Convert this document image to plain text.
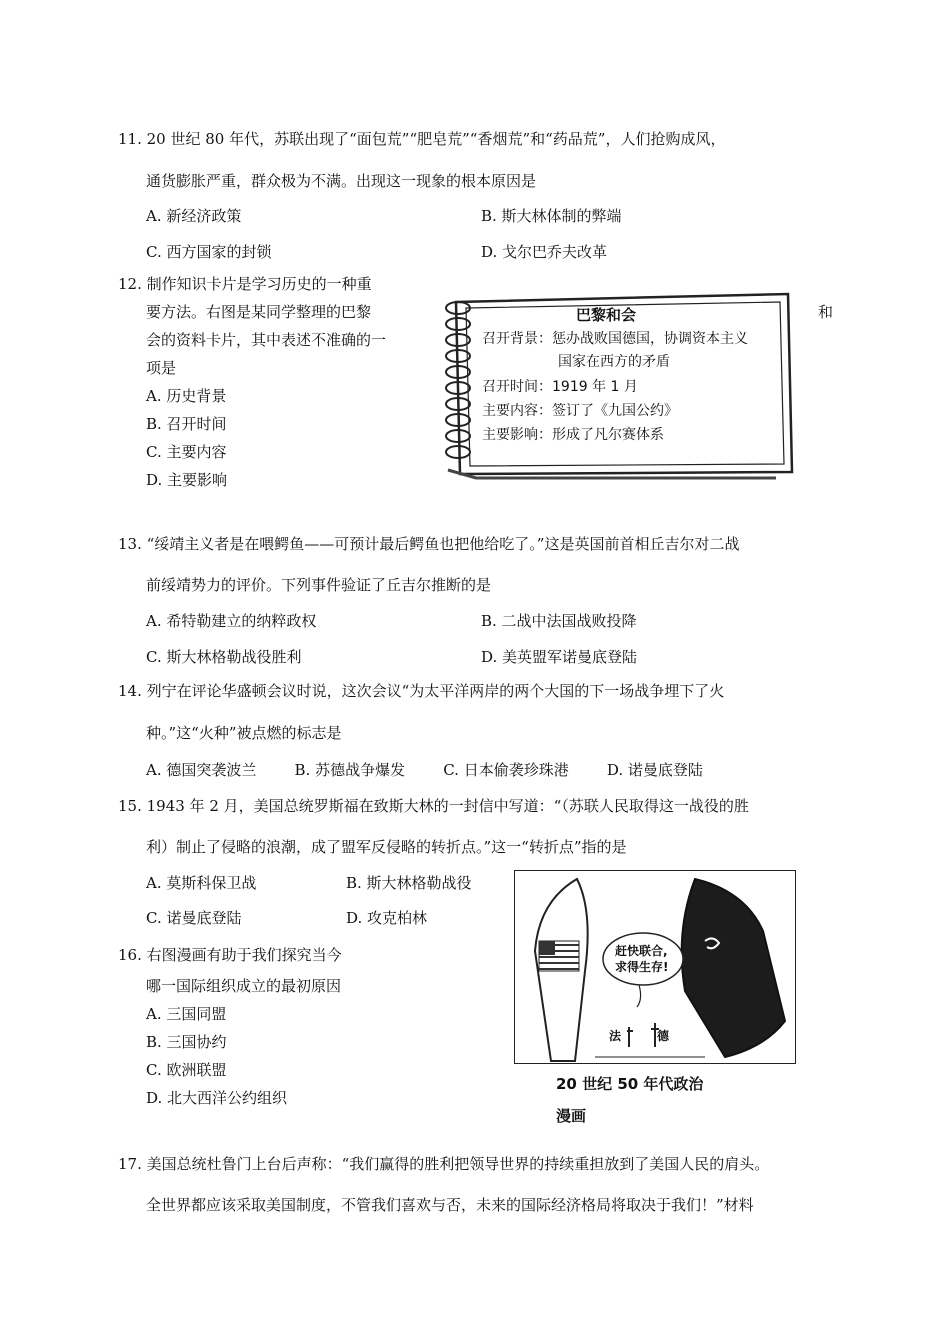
11. 20 世纪 80 年代，苏联出现了“面包荒”“肥皂荒”“香烟荒”和“药品荒”，人们抢购成风，
通货膨胀严重，群众极为不满。出现这一现象的根本原因是
A. 新经济政策	B. 斯大林体制的弊端
C. 西方国家的封锁	D. 戈尔巴乔夫改革
12. 制作知识卡片是学习历史的一种重
要方法。右图是某同学整理的巴黎
会的资料卡片，其中表述不准确的一
项是
和
A. 历史背景
B. 召开时间
C. 主要内容
D. 主要影响
巴黎和会
召开背景：惩办战败国德国，协调资本主义
国家在西方的矛盾
召开时间：1919 年 1 月
主要内容：签订了《九国公约》
主要影响：形成了凡尔赛体系
13. “绥靖主义者是在喂鳄鱼——可预计最后鳄鱼也把他给吃了。”这是英国前首相丘吉尔对二战
前绥靖势力的评价。下列事件验证了丘吉尔推断的是
A. 希特勒建立的纳粹政权	B. 二战中法国战败投降
C. 斯大林格勒战役胜利	D. 美英盟军诺曼底登陆
14. 列宁在评论华盛顿会议时说，这次会议“为太平洋两岸的两个大国的下一场战争埋下了火
种。”这“火种”被点燃的标志是
A. 德国突袭波兰        B. 苏德战争爆发        C. 日本偷袭珍珠港        D. 诺曼底登陆
15. 1943 年 2 月，美国总统罗斯福在致斯大林的一封信中写道：“（苏联人民取得这一战役的胜
利）制止了侵略的浪潮，成了盟军反侵略的转折点。”这一“转折点”指的是
A. 莫斯科保卫战	B. 斯大林格勒战役
C. 诺曼底登陆	D. 攻克柏林
16. 右图漫画有助于我们探究当今
哪一国际组织成立的最初原因
A. 三国同盟
B. 三国协约
C. 欧洲联盟
D. 北大西洋公约组织
赶快联合,
求得生存!
法	德
20 世纪 50 年代政治
漫画
17. 美国总统杜鲁门上台后声称：“我们赢得的胜利把领导世界的持续重担放到了美国人民的肩头。
全世界都应该采取美国制度，不管我们喜欢与否，未来的国际经济格局将取决于我们！”材料
